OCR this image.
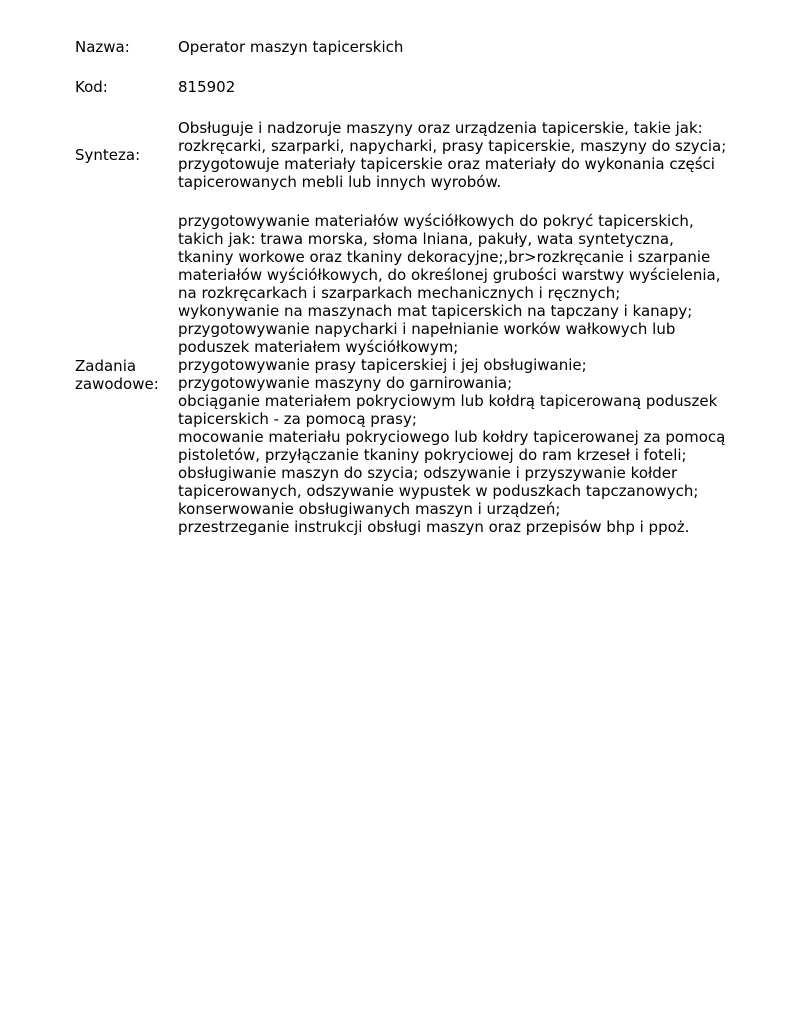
Nazwa:	Operator maszyn tapicerskich
Kod:	815902
Synteza:
Obsługuje i nadzoruje maszyny oraz urządzenia tapicerskie, takie jak:
rozkręcarki, szarparki, napycharki, prasy tapicerskie, maszyny do szycia;
przygotowuje materiały tapicerskie oraz materiały do wykonania części
tapicerowanych mebli lub innych wyrobów.
Zadania
zawodowe:
przygotowywanie materiałów wyściółkowych do pokryć tapicerskich,
takich jak: trawa morska, słoma lniana, pakuły, wata syntetyczna,
tkaniny workowe oraz tkaniny dekoracyjne;,br>rozkręcanie i szarpanie
materiałów wyściółkowych, do określonej grubości warstwy wyścielenia,
na rozkręcarkach i szarparkach mechanicznych i ręcznych;
wykonywanie na maszynach mat tapicerskich na tapczany i kanapy;
przygotowywanie napycharki i napełnianie worków wałkowych lub
poduszek materiałem wyściółkowym;
przygotowywanie prasy tapicerskiej i jej obsługiwanie;
przygotowywanie maszyny do garnirowania;
obciąganie materiałem pokryciowym lub kołdrą tapicerowaną poduszek
tapicerskich - za pomocą prasy;
mocowanie materiału pokryciowego lub kołdry tapicerowanej za pomocą
pistoletów, przyłączanie tkaniny pokryciowej do ram krzeseł i foteli;
obsługiwanie maszyn do szycia; odszywanie i przyszywanie kołder
tapicerowanych, odszywanie wypustek w poduszkach tapczanowych;
konserwowanie obsługiwanych maszyn i urządzeń;
przestrzeganie instrukcji obsługi maszyn oraz przepisów bhp i ppoż.
